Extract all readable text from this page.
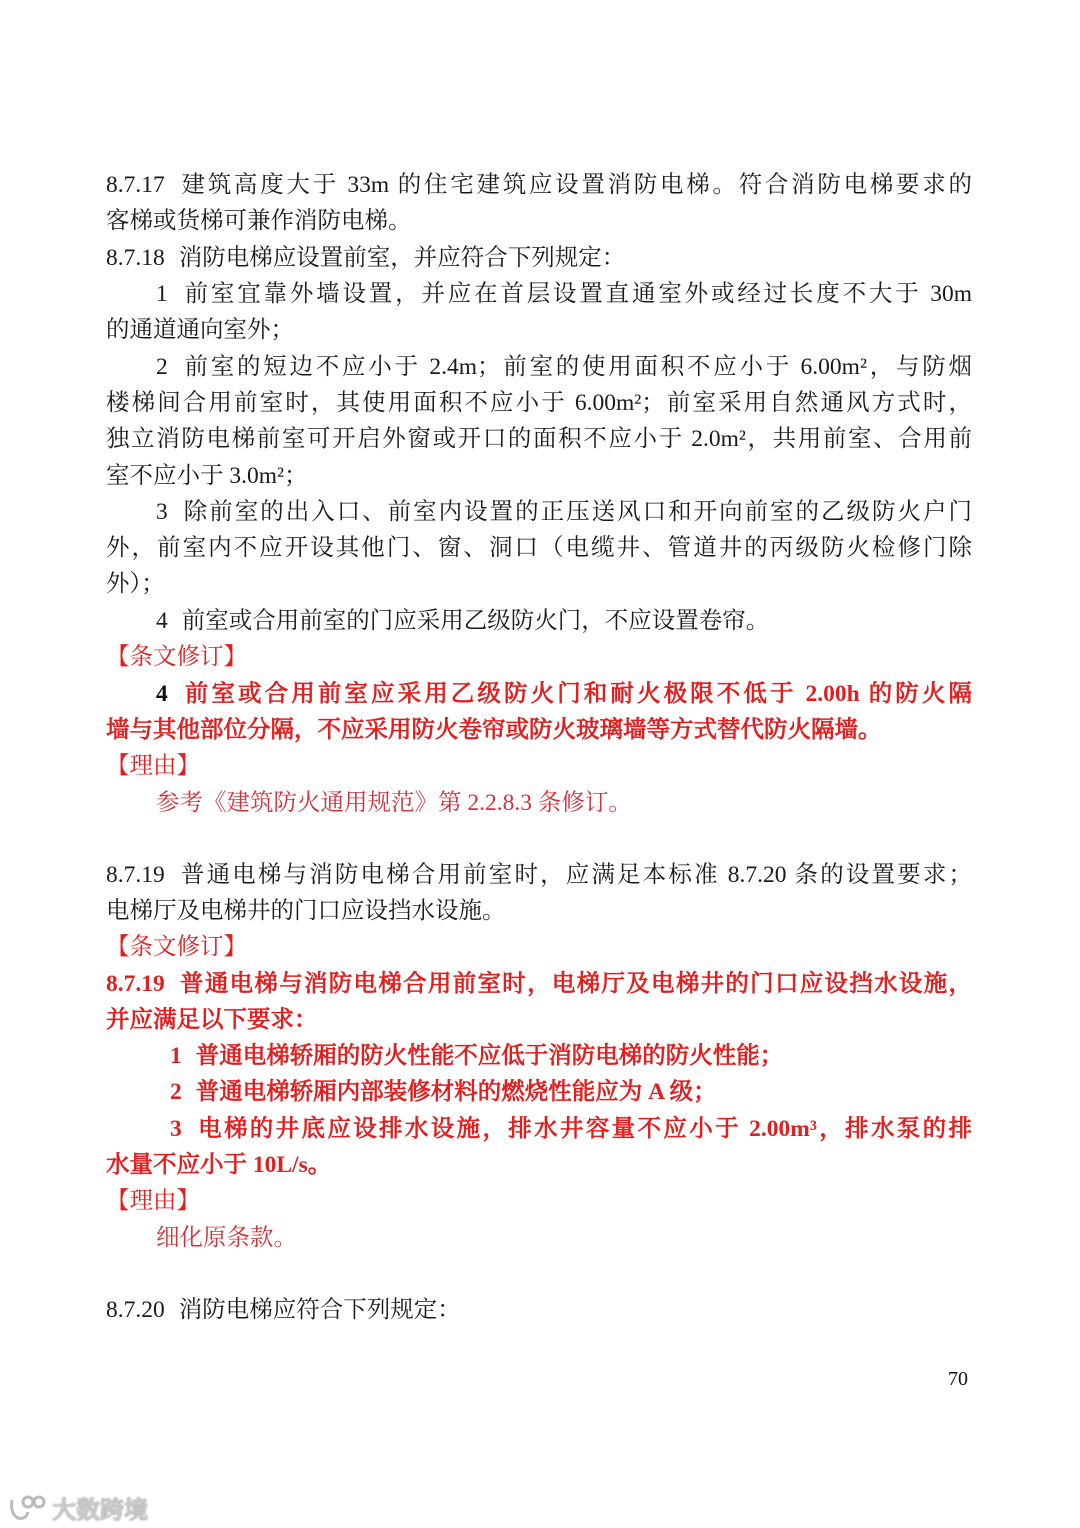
8.7.17 建筑高度大于 33m 的住宅建筑应设置消防电梯。符合消防电梯要求的
客梯或货梯可兼作消防电梯。
8.7.18 消防电梯应设置前室，并应符合下列规定：
1 前室宜靠外墙设置，并应在首层设置直通室外或经过长度不大于 30m
的通道通向室外；
2 前室的短边不应小于 2.4m；前室的使用面积不应小于 6.00m²，与防烟
楼梯间合用前室时，其使用面积不应小于 6.00m²；前室采用自然通风方式时，
独立消防电梯前室可开启外窗或开口的面积不应小于 2.0m²，共用前室、合用前
室不应小于 3.0m²；
3 除前室的出入口、前室内设置的正压送风口和开向前室的乙级防火户门
外，前室内不应开设其他门、窗、洞口（电缆井、管道井的丙级防火检修门除
外）；
4 前室或合用前室的门应采用乙级防火门，不应设置卷帘。
【条文修订】
4 前室或合用前室应采用乙级防火门和耐火极限不低于 2.00h 的防火隔
墙与其他部位分隔，不应采用防火卷帘或防火玻璃墙等方式替代防火隔墙。
【理由】
参考《建筑防火通用规范》第 2.2.8.3 条修订。
8.7.19 普通电梯与消防电梯合用前室时，应满足本标准 8.7.20 条的设置要求；
电梯厅及电梯井的门口应设挡水设施。
【条文修订】
8.7.19 普通电梯与消防电梯合用前室时，电梯厅及电梯井的门口应设挡水设施，
并应满足以下要求：
1 普通电梯轿厢的防火性能不应低于消防电梯的防火性能；
2 普通电梯轿厢内部装修材料的燃烧性能应为 A 级；
3 电梯的井底应设排水设施，排水井容量不应小于 2.00m³，排水泵的排
水量不应小于 10L/s。
【理由】
细化原条款。
8.7.20 消防电梯应符合下列规定：
70
大数跨境
